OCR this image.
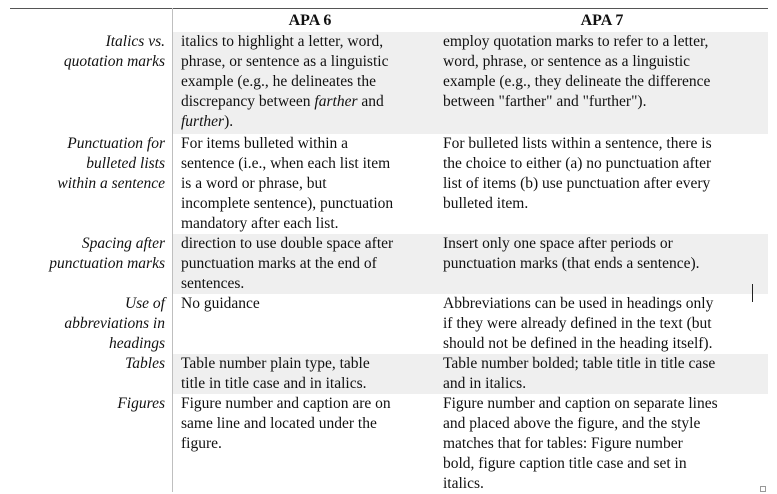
APA 6	APA 7
Italics vs.
quotation marks
italics to highlight a letter, word,
phrase, or sentence as a linguistic
example (e.g., he delineates the
discrepancy between farther and
further).
employ quotation marks to refer to a letter,
word, phrase, or sentence as a linguistic
example (e.g., they delineate the difference
between "farther" and "further").
Punctuation for
bulleted lists
within a sentence
For items bulleted within a
sentence (i.e., when each list item
is a word or phrase, but
incomplete sentence), punctuation
mandatory after each list.
For bulleted lists within a sentence, there is
the choice to either (a) no punctuation after
list of items (b) use punctuation after every
bulleted item.
Spacing after
punctuation marks
direction to use double space after
punctuation marks at the end of
sentences.
Insert only one space after periods or
punctuation marks (that ends a sentence).
Use of
abbreviations in
headings
No guidance	Abbreviations can be used in headings only
if they were already defined in the text (but
should not be defined in the heading itself).
Tables Table number plain type, table
title in title case and in italics.
Table number bolded; table title in title case
and in italics.
Figures Figure number and caption are on
same line and located under the
figure.
Figure number and caption on separate lines
and placed above the figure, and the style
matches that for tables: Figure number
bold, figure caption title case and set in
italics.
